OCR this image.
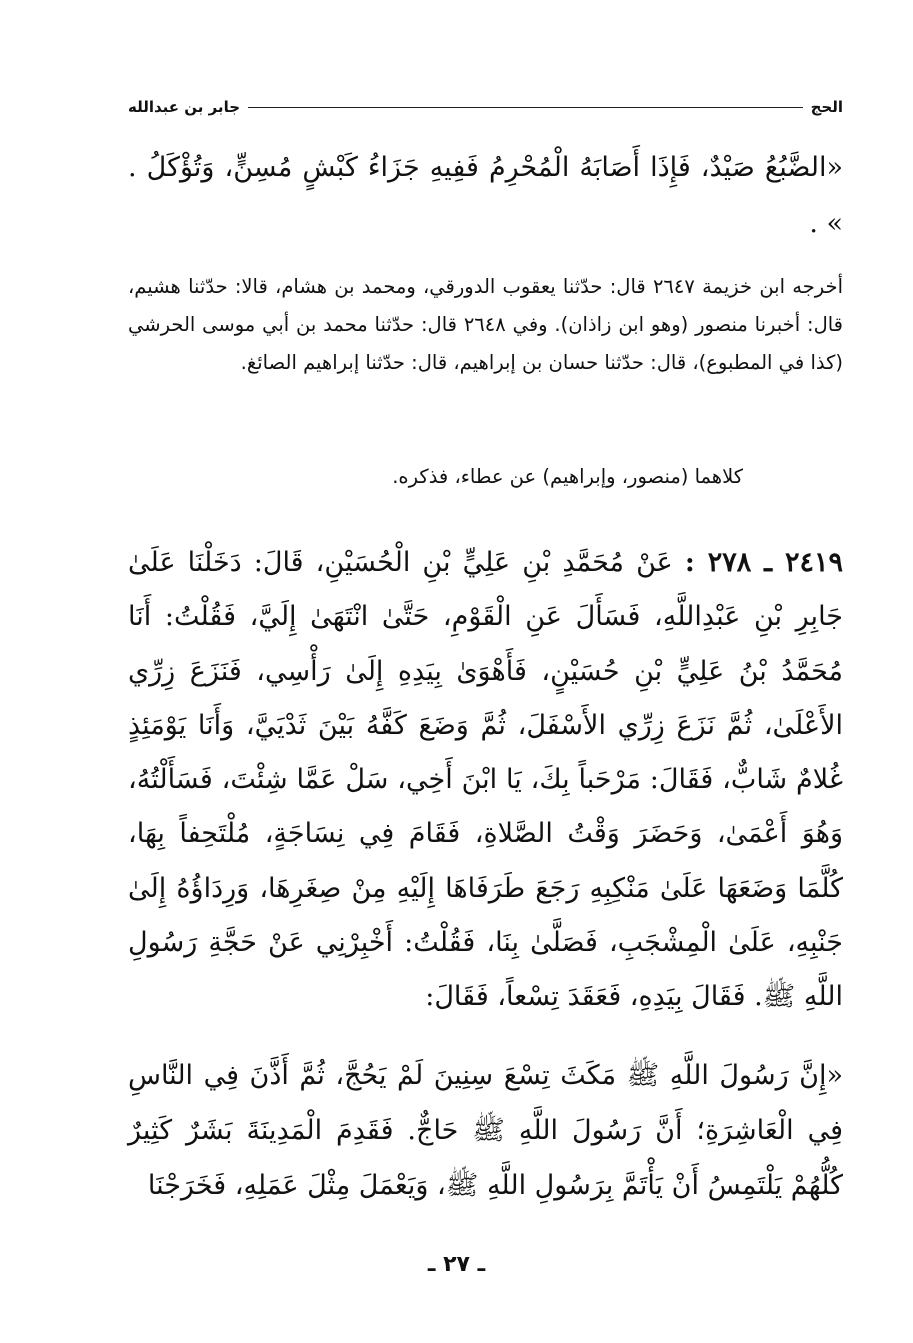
الحج
جابر بن عبدالله
«الضَّبُعُ صَيْدٌ، فَإِذَا أَصَابَهُ الْمُحْرِمُ فَفِيهِ جَزَاءُ كَبْشٍ مُسِنٍّ، وَتُؤْكَلُ . » .
أخرجه ابن خزيمة ٢٦٤٧ قال: حدّثنا يعقوب الدورقي، ومحمد بن هشام، قالا: حدّثنا هشيم، قال: أخبرنا منصور (وهو ابن زاذان). وفي ٢٦٤٨ قال: حدّثنا محمد بن أبي موسى الحرشي (كذا في المطبوع)، قال: حدّثنا حسان بن إبراهيم، قال: حدّثنا إبراهيم الصائغ.
كلاهما (منصور، وإبراهيم) عن عطاء، فذكره.
٢٤١٩ ـ ٢٧٨ : عَنْ مُحَمَّدِ بْنِ عَلِيٍّ بْنِ الْحُسَيْنِ، قَالَ: دَخَلْنَا عَلَىٰ جَابِرِ بْنِ عَبْدِاللَّهِ، فَسَأَلَ عَنِ الْقَوْمِ، حَتَّىٰ انْتَهَىٰ إِلَيَّ، فَقُلْتُ: أَنَا مُحَمَّدُ بْنُ عَلِيٍّ بْنِ حُسَيْنٍ، فَأَهْوَىٰ بِيَدِهِ إِلَىٰ رَأْسِي، فَنَزَعَ زِرِّي الأَعْلَىٰ، ثُمَّ نَزَعَ زِرِّي الأَسْفَلَ، ثُمَّ وَضَعَ كَفَّهُ بَيْنَ ثَدْيَيَّ، وَأَنَا يَوْمَئِذٍ غُلامٌ شَابٌّ، فَقَالَ: مَرْحَباً بِكَ، يَا ابْنَ أَخِي، سَلْ عَمَّا شِئْتَ، فَسَأَلْتُهُ، وَهُوَ أَعْمَىٰ، وَحَضَرَ وَقْتُ الصَّلاةِ، فَقَامَ فِي نِسَاجَةٍ، مُلْتَحِفاً بِهَا، كُلَّمَا وَضَعَهَا عَلَىٰ مَنْكِبِهِ رَجَعَ طَرَفَاهَا إِلَيْهِ مِنْ صِغَرِهَا، وَرِدَاؤُهُ إِلَىٰ جَنْبِهِ، عَلَىٰ الْمِشْجَبِ، فَصَلَّىٰ بِنَا، فَقُلْتُ: أَخْبِرْنِي عَنْ حَجَّةِ رَسُولِ اللَّهِ ﷺ. فَقَالَ بِيَدِهِ، فَعَقَدَ تِسْعاً، فَقَالَ:
«إِنَّ رَسُولَ اللَّهِ ﷺ مَكَثَ تِسْعَ سِنِينَ لَمْ يَحُجَّ، ثُمَّ أَذَّنَ فِي النَّاسِ فِي الْعَاشِرَةِ؛ أَنَّ رَسُولَ اللَّهِ ﷺ حَاجٌّ. فَقَدِمَ الْمَدِينَةَ بَشَرٌ كَثِيرٌ كُلُّهُمْ يَلْتَمِسُ أَنْ يَأْتَمَّ بِرَسُولِ اللَّهِ ﷺ، وَيَعْمَلَ مِثْلَ عَمَلِهِ، فَخَرَجْنَا
ـ ٢٧ ـ
